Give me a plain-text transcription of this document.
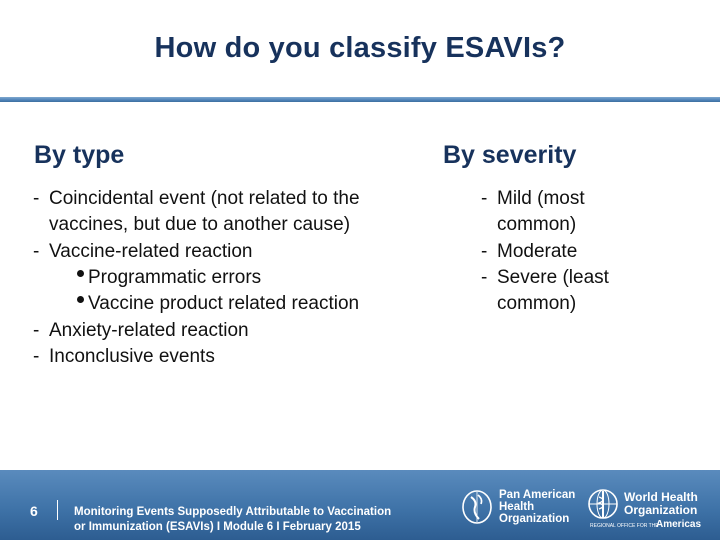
How do you classify ESAVIs?
By type
- Coincidental event (not related to the
vaccines, but due to another cause)
- Vaccine-related reaction
Programmatic errors
Vaccine product related reaction
- Anxiety-related reaction
- Inconclusive events
By severity
- Mild (most
common)
- Moderate
- Severe (least
common)
6	Monitoring Events Supposedly Attributable to Vaccination
or Immunization (ESAVIs) I Module 6 I February 2015
Pan American
Health
Organization
World Health
Organization
REGIONAL OFFICE FOR THE
Americas
